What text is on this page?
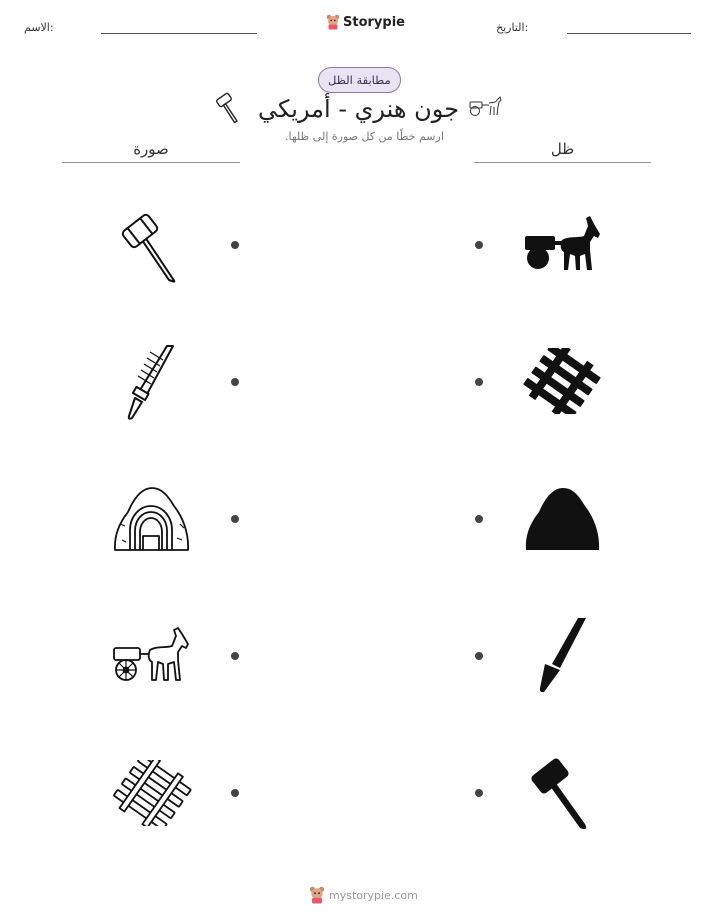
الاسم:	Storypie	التاريخ:
مطابقة الظل
جون هنري - أمريكي
ارسم خطًا من كل صورة إلى ظلها.
صورة	ظل
mystorypie.com
